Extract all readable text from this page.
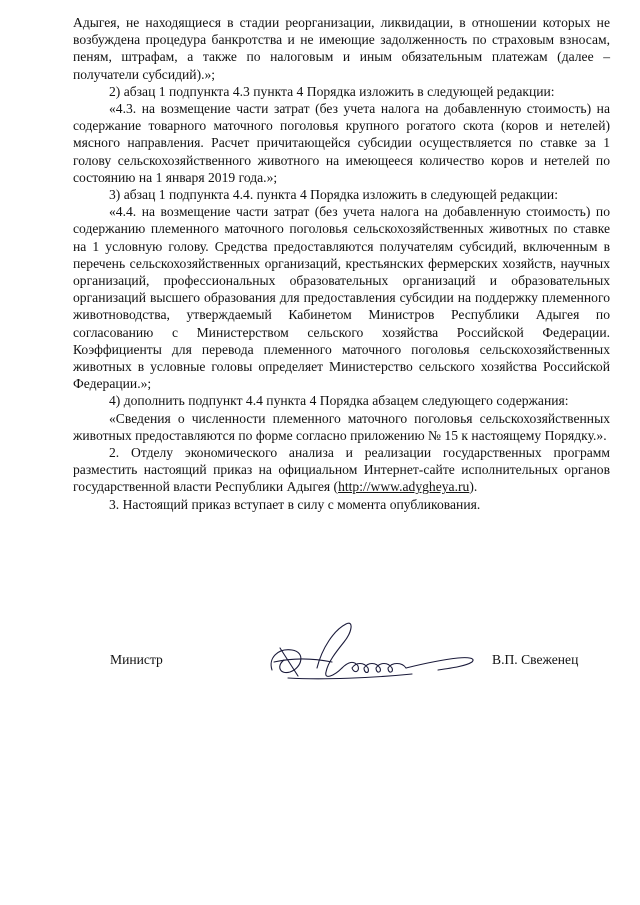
Адыгея, не находящиеся в стадии реорганизации, ликвидации, в отношении которых не возбуждена процедура банкротства и не имеющие задолженность по страховым взносам, пеням, штрафам, а также по налоговым и иным обязательным платежам (далее – получатели субсидий).»;

2) абзац 1 подпункта 4.3 пункта 4 Порядка изложить в следующей редакции:

«4.3. на возмещение части затрат (без учета налога на добавленную стоимость) на содержание товарного маточного поголовья крупного рогатого скота (коров и нетелей) мясного направления. Расчет причитающейся субсидии осуществляется по ставке за 1 голову сельскохозяйственного животного на имеющееся количество коров и нетелей по состоянию на 1 января 2019 года.»;

3) абзац 1 подпункта 4.4. пункта 4 Порядка изложить в следующей редакции:

«4.4. на возмещение части затрат (без учета налога на добавленную стоимость) по содержанию племенного маточного поголовья сельскохозяйственных животных по ставке на 1 условную голову. Средства предоставляются получателям субсидий, включенным в перечень сельскохозяйственных организаций, крестьянских фермерских хозяйств, научных организаций, профессиональных образовательных организаций и образовательных организаций высшего образования для предоставления субсидии на поддержку племенного животноводства, утверждаемый Кабинетом Министров Республики Адыгея по согласованию с Министерством сельского хозяйства Российской Федерации. Коэффициенты для перевода племенного маточного поголовья сельскохозяйственных животных в условные головы определяет Министерство сельского хозяйства Российской Федерации.»;

4) дополнить подпункт 4.4 пункта 4 Порядка абзацем следующего содержания:

«Сведения о численности племенного маточного поголовья сельскохозяйственных животных предоставляются по форме согласно приложению № 15 к настоящему Порядку.».

2. Отделу экономического анализа и реализации государственных программ разместить настоящий приказ на официальном Интернет-сайте исполнительных органов государственной власти Республики Адыгея (http://www.adygheya.ru).

3. Настоящий приказ вступает в силу с момента опубликования.

Министр	В.П. Свеженец
